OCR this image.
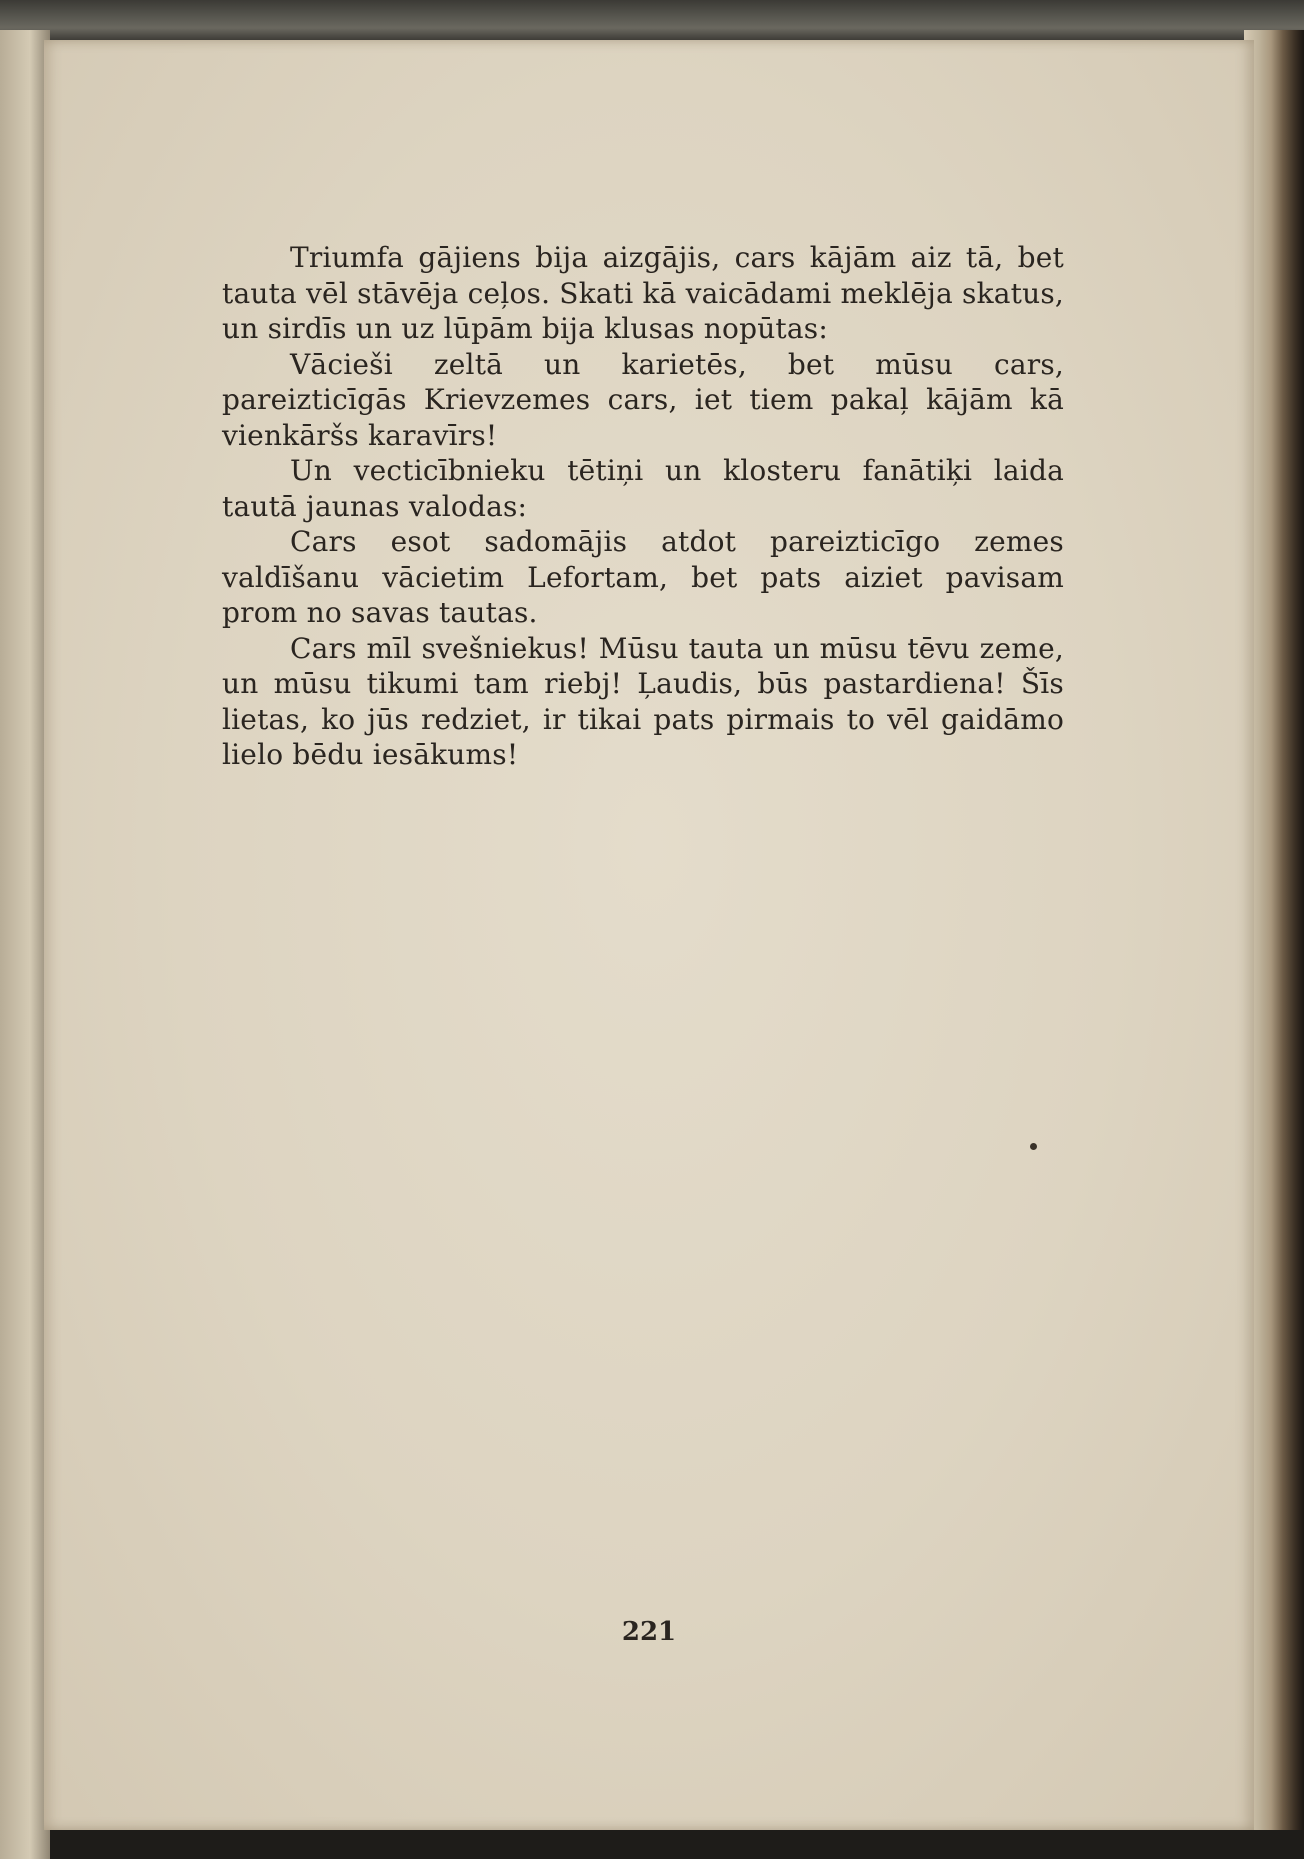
Triumfa gājiens bija aizgājis, cars kājām aiz tā, bet tauta vēl stāvēja ceļos. Skati kā vaicādami meklēja skatus, un sirdīs un uz lūpām bija klusas nopūtas:

Vācieši zeltā un karietēs, bet mūsu cars, pareizticīgās Krievzemes cars, iet tiem pakaļ kājām kā vienkāršs karavīrs!

Un vecticībnieku tētiņi un klosteru fanātiķi laida tautā jaunas valodas:

Cars esot sadomājis atdot pareizticīgo zemes valdīšanu vācietim Lefortam, bet pats aiziet pavisam prom no savas tautas.

Cars mīl svešniekus! Mūsu tauta un mūsu tēvu zeme, un mūsu tikumi tam riebj! Ļaudis, būs pastardiena! Šīs lietas, ko jūs redziet, ir tikai pats pirmais to vēl gaidāmo lielo bēdu iesākums!

221
